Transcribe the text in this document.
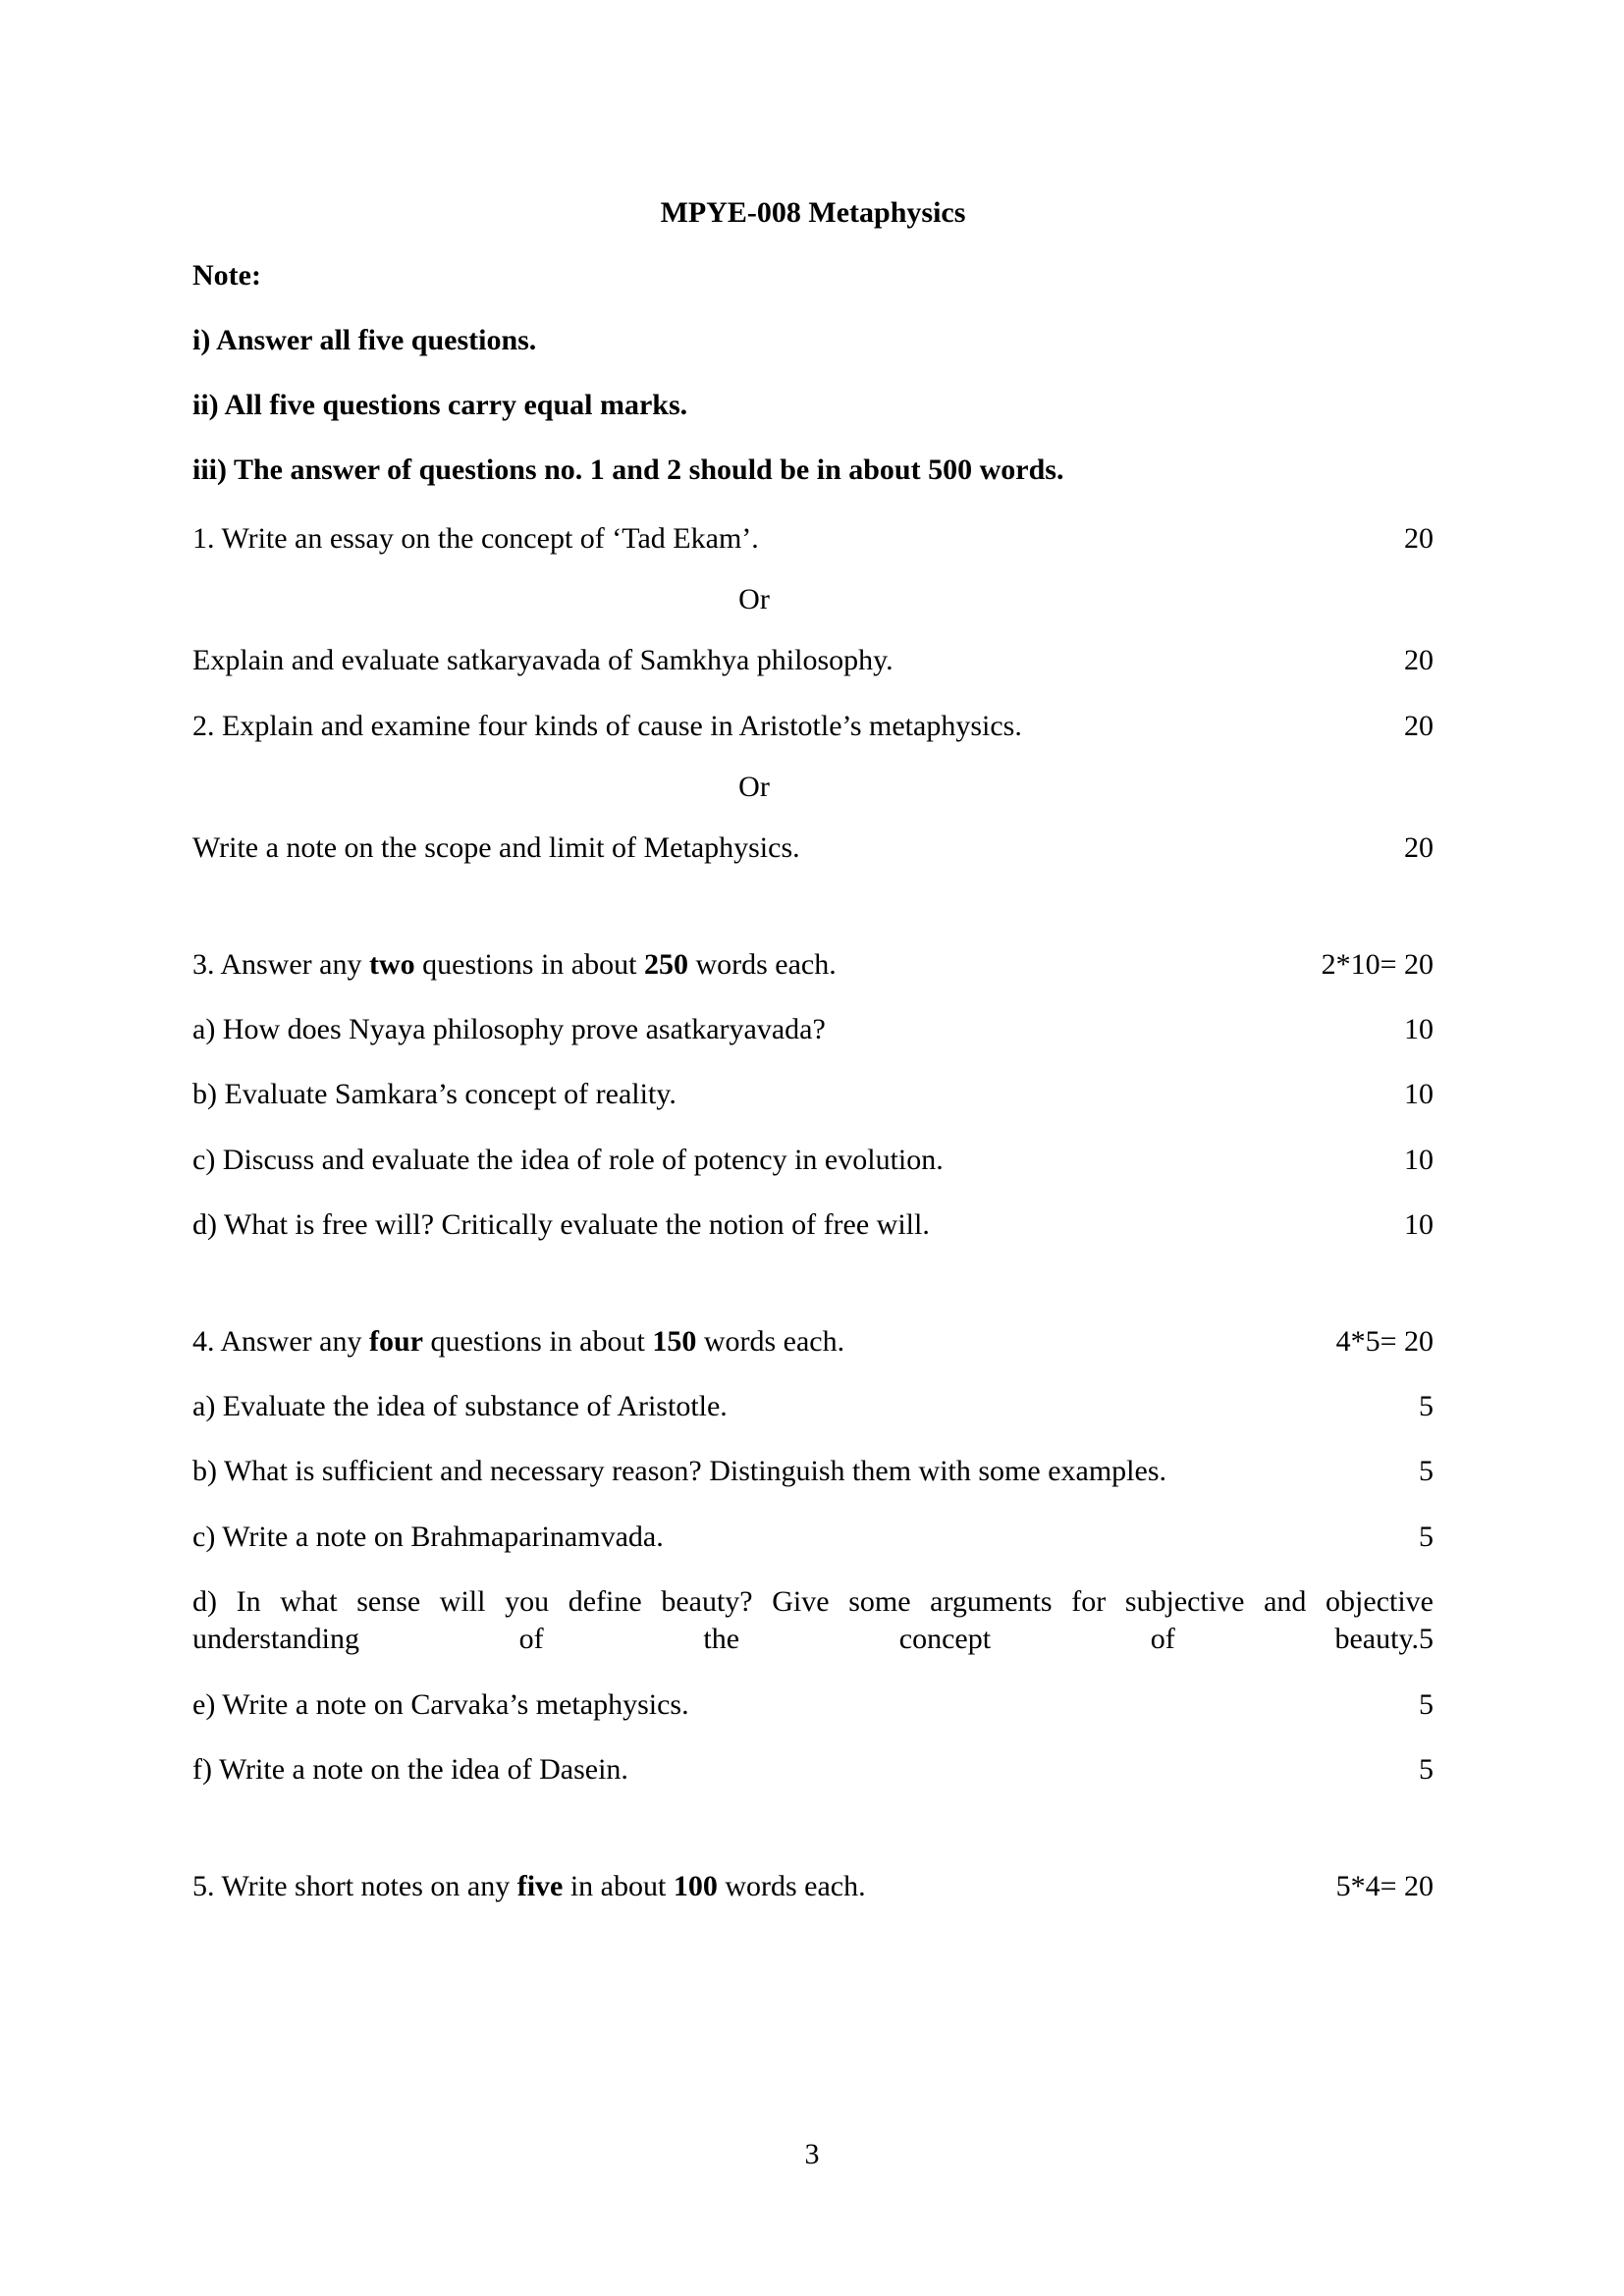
MPYE-008 Metaphysics
Note:
i) Answer all five questions.
ii) All five questions carry equal marks.
iii) The answer of questions no. 1 and 2 should be in about 500 words.
1. Write an essay on the concept of ‘Tad Ekam’.	20
Or
Explain and evaluate satkaryavada of Samkhya philosophy.	20
2. Explain and examine four kinds of cause in Aristotle’s metaphysics.	20
Or
Write a note on the scope and limit of Metaphysics.	20
3. Answer any two questions in about 250 words each.	2*10= 20
a) How does Nyaya philosophy prove asatkaryavada?	10
b) Evaluate Samkara’s concept of reality.	10
c) Discuss and evaluate the idea of role of potency in evolution.	10
d) What is free will? Critically evaluate the notion of free will.	10
4. Answer any four questions in about 150 words each.	4*5= 20
a) Evaluate the idea of substance of Aristotle.	5
b) What is sufficient and necessary reason? Distinguish them with some examples.	5
c) Write a note on Brahmaparinamvada.	5
d) In what sense will you define beauty? Give some arguments for subjective and objective understanding of the concept of beauty. 5
e) Write a note on Carvaka’s metaphysics.	5
f) Write a note on the idea of Dasein.	5
5. Write short notes on any five in about 100 words each.	5*4= 20
3
